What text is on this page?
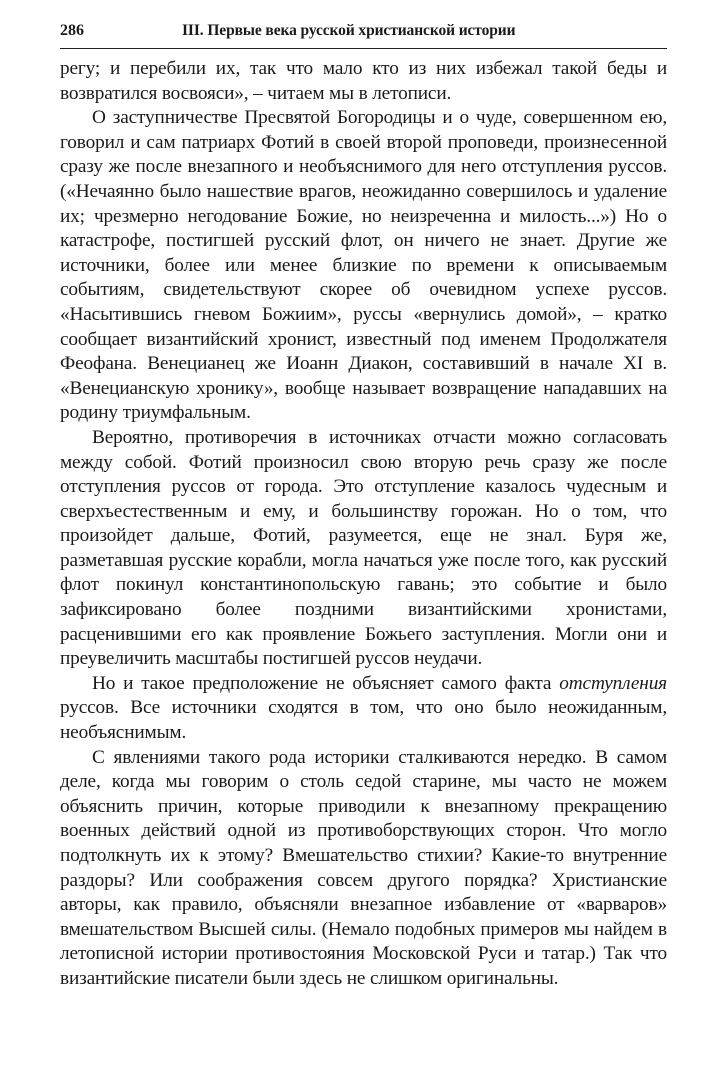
286	III. Первые века русской христианской истории

регу; и перебили их, так что мало кто из них избежал такой беды и возвратился восвояси», – читаем мы в летописи.

О заступничестве Пресвятой Богородицы и о чуде, совершенном ею, говорил и сам патриарх Фотий в своей второй проповеди, произнесенной сразу же после внезапного и необъяснимого для него отступления руссов. («Нечаянно было нашествие врагов, неожиданно совершилось и удаление их; чрезмерно негодование Божие, но неизреченна и милость...») Но о катастрофе, постигшей русский флот, он ничего не знает. Другие же источники, более или менее близкие по времени к описываемым событиям, свидетельствуют скорее об очевидном успехе руссов. «Насытившись гневом Божиим», руссы «вернулись домой», – кратко сообщает византийский хронист, известный под именем Продолжателя Феофана. Венецианец же Иоанн Диакон, составивший в начале XI в. «Венецианскую хронику», вообще называет возвращение нападавших на родину триумфальным.

Вероятно, противоречия в источниках отчасти можно согласовать между собой. Фотий произносил свою вторую речь сразу же после отступления руссов от города. Это отступление казалось чудесным и сверхъестественным и ему, и большинству горожан. Но о том, что произойдет дальше, Фотий, разумеется, еще не знал. Буря же, разметавшая русские корабли, могла начаться уже после того, как русский флот покинул константинопольскую гавань; это событие и было зафиксировано более поздними византийскими хронистами, расценившими его как проявление Божьего заступления. Могли они и преувеличить масштабы постигшей руссов неудачи.

Но и такое предположение не объясняет самого факта отступления руссов. Все источники сходятся в том, что оно было неожиданным, необъяснимым.

С явлениями такого рода историки сталкиваются нередко. В самом деле, когда мы говорим о столь седой старине, мы часто не можем объяснить причин, которые приводили к внезапному прекращению военных действий одной из противоборствующих сторон. Что могло подтолкнуть их к этому? Вмешательство стихии? Какие-то внутренние раздоры? Или соображения совсем другого порядка? Христианские авторы, как правило, объясняли внезапное избавление от «варваров» вмешательством Высшей силы. (Немало подобных примеров мы найдем в летописной истории противостояния Московской Руси и татар.) Так что византийские писатели были здесь не слишком оригинальны.
